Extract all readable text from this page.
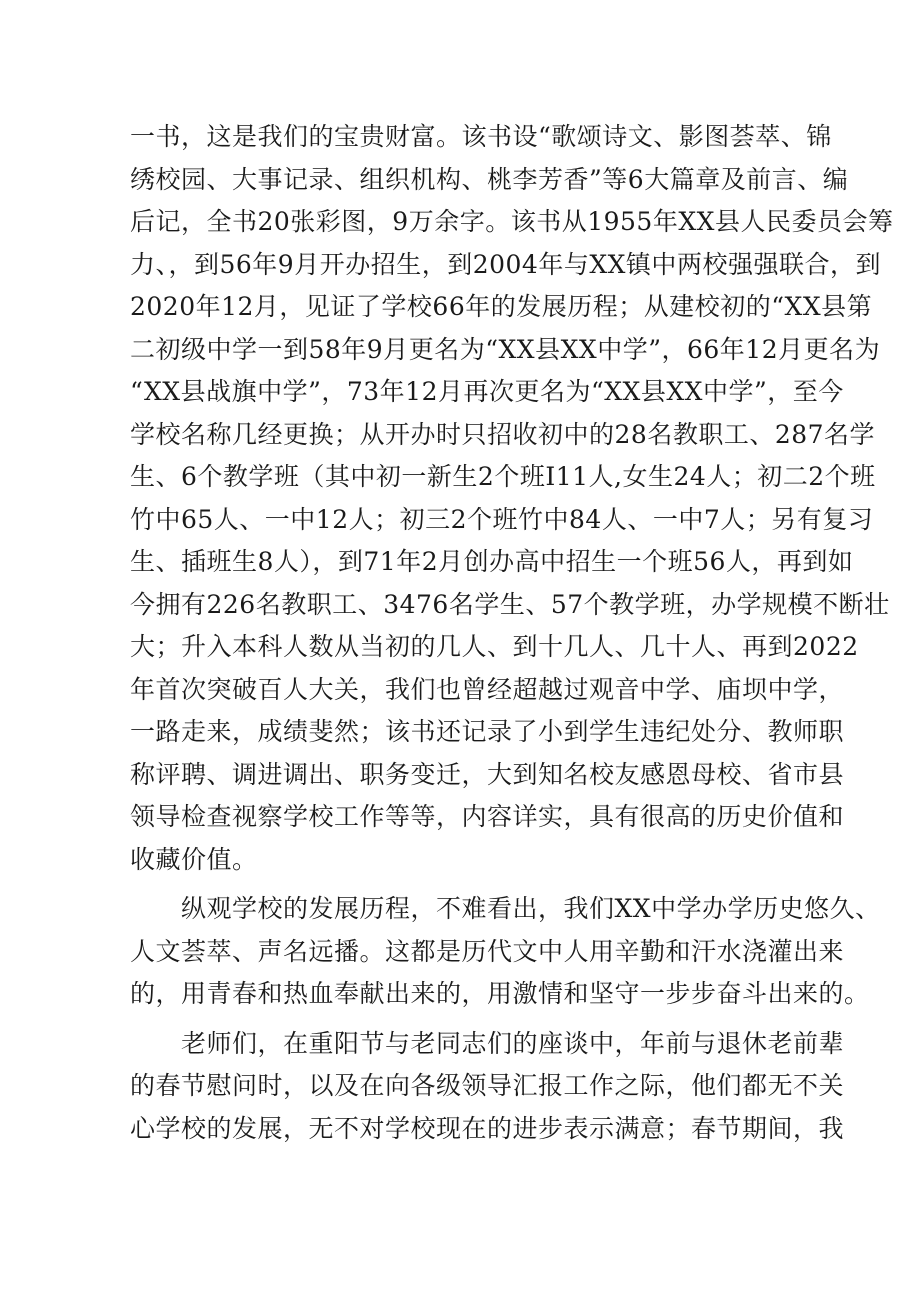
一书，这是我们的宝贵财富。该书设“歌颂诗文、影图荟萃、锦
绣校园、大事记录、组织机构、桃李芳香”等6大篇章及前言、编
后记，全书20张彩图，9万余字。该书从1955年XX县人民委员会筹
力、，到56年9月开办招生，到2004年与XX镇中两校强强联合，到
2020年12月，见证了学校66年的发展历程；从建校初的“XX县第
二初级中学一到58年9月更名为“XX县XX中学”，66年12月更名为
“XX县战旗中学”，73年12月再次更名为“XX县XX中学”，至今
学校名称几经更换；从开办时只招收初中的28名教职工、287名学
生、6个教学班（其中初一新生2个班I11人,女生24人；初二2个班
竹中65人、一中12人；初三2个班竹中84人、一中7人；另有复习
生、插班生8人），到71年2月创办高中招生一个班56人，再到如
今拥有226名教职工、3476名学生、57个教学班，办学规模不断壮
大；升入本科人数从当初的几人、到十几人、几十人、再到2022
年首次突破百人大关，我们也曾经超越过观音中学、庙坝中学，
一路走来，成绩斐然；该书还记录了小到学生违纪处分、教师职
称评聘、调进调出、职务变迁，大到知名校友感恩母校、省市县
领导检查视察学校工作等等，内容详实，具有很高的历史价值和
收藏价值。
纵观学校的发展历程，不难看出，我们XX中学办学历史悠久、
人文荟萃、声名远播。这都是历代文中人用辛勤和汗水浇灌出来
的，用青春和热血奉献出来的，用激情和坚守一步步奋斗出来的。
老师们，在重阳节与老同志们的座谈中，年前与退休老前辈
的春节慰问时，以及在向各级领导汇报工作之际，他们都无不关
心学校的发展，无不对学校现在的进步表示满意；春节期间，我
